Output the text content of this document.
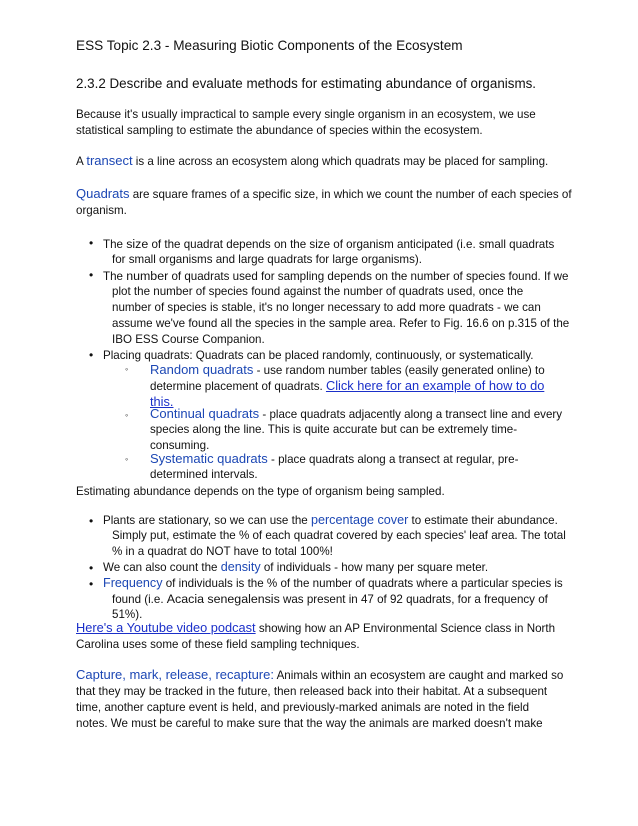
ESS Topic 2.3 - Measuring Biotic Components of the Ecosystem
2.3.2 Describe and evaluate methods for estimating abundance of organisms.
Because it's usually impractical to sample every single organism in an ecosystem, we use
statistical sampling to estimate the abundance of species within the ecosystem.
A transect is a line across an ecosystem along which quadrats may be placed for sampling.
Quadrats are square frames of a specific size, in which we count the number of each species of
organism.
• The size of the quadrat depends on the size of organism anticipated (i.e. small quadrats
for small organisms and large quadrats for large organisms).
• The number of quadrats used for sampling depends on the number of species found. If we
plot the number of species found against the number of quadrats used, once the
number of species is stable, it's no longer necessary to add more quadrats - we can
assume we've found all the species in the sample area. Refer to Fig. 16.6 on p.315 of the
IBO ESS Course Companion.
• Placing quadrats: Quadrats can be placed randomly, continuously, or systematically.
◦ Random quadrats - use random number tables (easily generated online) to
determine placement of quadrats. Click here for an example of how to do
this.
◦ Continual quadrats - place quadrats adjacently along a transect line and every
species along the line. This is quite accurate but can be extremely time-
consuming.
◦ Systematic quadrats - place quadrats along a transect at regular, pre-
determined intervals.
Estimating abundance depends on the type of organism being sampled.
• Plants are stationary, so we can use the percentage cover to estimate their abundance.
Simply put, estimate the % of each quadrat covered by each species' leaf area. The total
% in a quadrat do NOT have to total 100%!
• We can also count the density of individuals - how many per square meter.
• Frequency of individuals is the % of the number of quadrats where a particular species is
found (i.e. Acacia senegalensis was present in 47 of 92 quadrats, for a frequency of
51%).
Here's a Youtube video podcast showing how an AP Environmental Science class in North
Carolina uses some of these field sampling techniques.
Capture, mark, release, recapture: Animals within an ecosystem are caught and marked so
that they may be tracked in the future, then released back into their habitat. At a subsequent
time, another capture event is held, and previously-marked animals are noted in the field
notes. We must be careful to make sure that the way the animals are marked doesn't make
